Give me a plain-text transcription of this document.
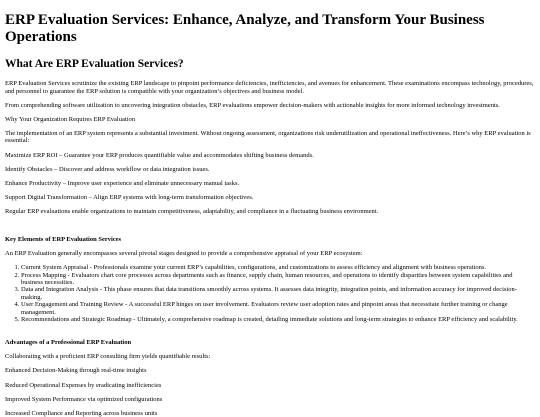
ERP Evaluation Services: Enhance, Analyze, and Transform Your Business Operations
What Are ERP Evaluation Services?

ERP Evaluation Services scrutinize the existing ERP landscape to pinpoint performance deficiencies, inefficiencies, and avenues for enhancement. These examinations encompass technology, procedures, and personnel to guarantee the ERP solution is compatible with your organization’s objectives and business model.

From comprehending software utilization to uncovering integration obstacles, ERP evaluations empower decision-makers with actionable insights for more informed technology investments.

Why Your Organization Requires ERP Evaluation

The implementation of an ERP system represents a substantial investment. Without ongoing assessment, organizations risk underutilization and operational ineffectiveness. Here’s why ERP evaluation is essential:

Maximize ERP ROI – Guarantee your ERP produces quantifiable value and accommodates shifting business demands.

Identify Obstacles – Discover and address workflow or data integration issues.

Enhance Productivity – Improve user experience and eliminate unnecessary manual tasks.

Support Digital Transformation – Align ERP systems with long-term transformation objectives.

Regular ERP evaluations enable organizations to maintain competitiveness, adaptability, and compliance in a fluctuating business environment.

Key Elements of ERP Evaluation Services

An ERP Evaluation generally encompasses several pivotal stages designed to provide a comprehensive appraisal of your ERP ecosystem:

1. Current System Appraisal - Professionals examine your current ERP’s capabilities, configurations, and customizations to assess efficiency and alignment with business operations.
2. Process Mapping - Evaluators chart core processes across departments such as finance, supply chain, human resources, and operations to identify disparities between system capabilities and business necessities.
3. Data and Integration Analysis - This phase ensures that data transitions smoothly across systems. It assesses data integrity, integration points, and information accuracy for improved decision-making.
4. User Engagement and Training Review - A successful ERP hinges on user involvement. Evaluators review user adoption rates and pinpoint areas that necessitate further training or change management.
5. Recommendations and Strategic Roadmap - Ultimately, a comprehensive roadmap is created, detailing immediate solutions and long-term strategies to enhance ERP efficiency and scalability.
Advantages of a Professional ERP Evaluation

Collaborating with a proficient ERP consulting firm yields quantifiable results:

Enhanced Decision-Making through real-time insights

Reduced Operational Expenses by eradicating inefficiencies

Improved System Performance via optimized configurations

Increased Compliance and Reporting across business units
